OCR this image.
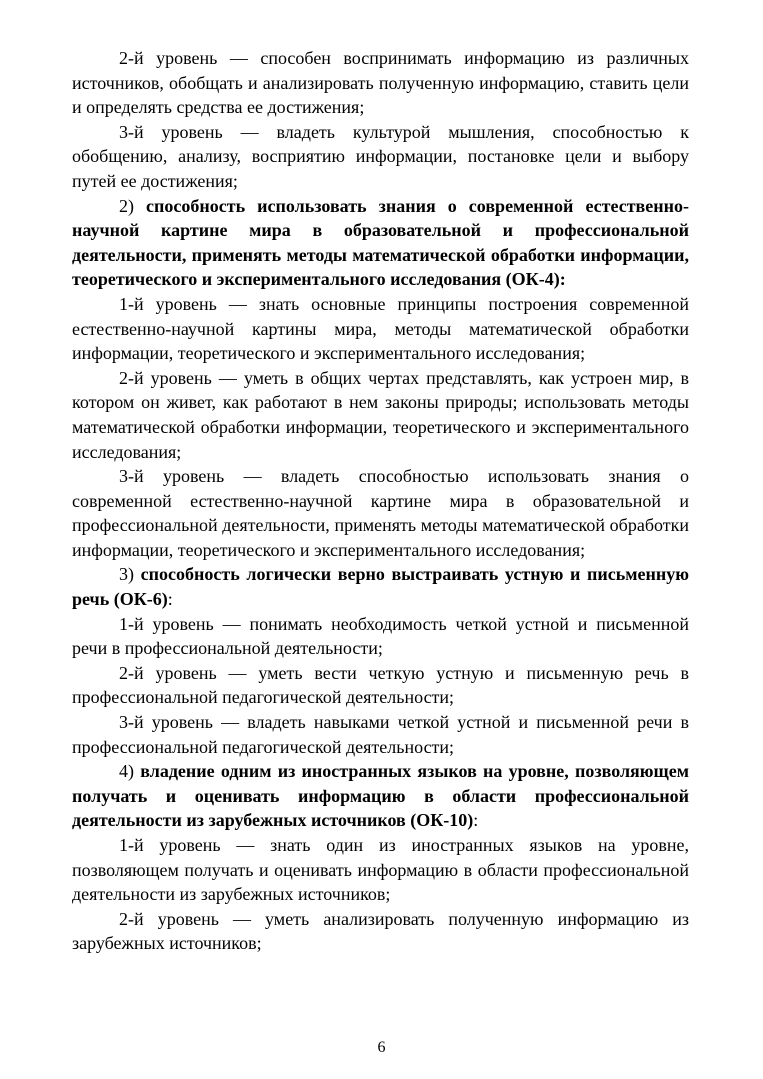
2-й уровень — способен воспринимать информацию из различных источников, обобщать и анализировать полученную информацию, ставить цели и определять средства ее достижения;

3-й уровень — владеть культурой мышления, способностью к обобщению, анализу, восприятию информации, постановке цели и выбору путей ее достижения;

2) способность использовать знания о современной естественно-научной картине мира в образовательной и профессиональной деятельности, применять методы математической обработки информации, теоретического и экспериментального исследования (ОК-4):

1-й уровень — знать основные принципы построения современной естественно-научной картины мира, методы математической обработки информации, теоретического и экспериментального исследования;

2-й уровень — уметь в общих чертах представлять, как устроен мир, в котором он живет, как работают в нем законы природы; использовать методы математической обработки информации, теоретического и экспериментального исследования;

3-й уровень — владеть способностью использовать знания о современной естественно-научной картине мира в образовательной и профессиональной деятельности, применять методы математической обработки информации, теоретического и экспериментального исследования;

3) способность логически верно выстраивать устную и письменную речь (ОК-6):

1-й уровень — понимать необходимость четкой устной и письменной речи в профессиональной деятельности;

2-й уровень — уметь вести четкую устную и письменную речь в профессиональной педагогической деятельности;

3-й уровень — владеть навыками четкой устной и письменной речи в профессиональной педагогической деятельности;

4) владение одним из иностранных языков на уровне, позволяющем получать и оценивать информацию в области профессиональной деятельности из зарубежных источников (ОК-10):

1-й уровень — знать один из иностранных языков на уровне, позволяющем получать и оценивать информацию в области профессиональной деятельности из зарубежных источников;

2-й уровень — уметь анализировать полученную информацию из зарубежных источников;

6
